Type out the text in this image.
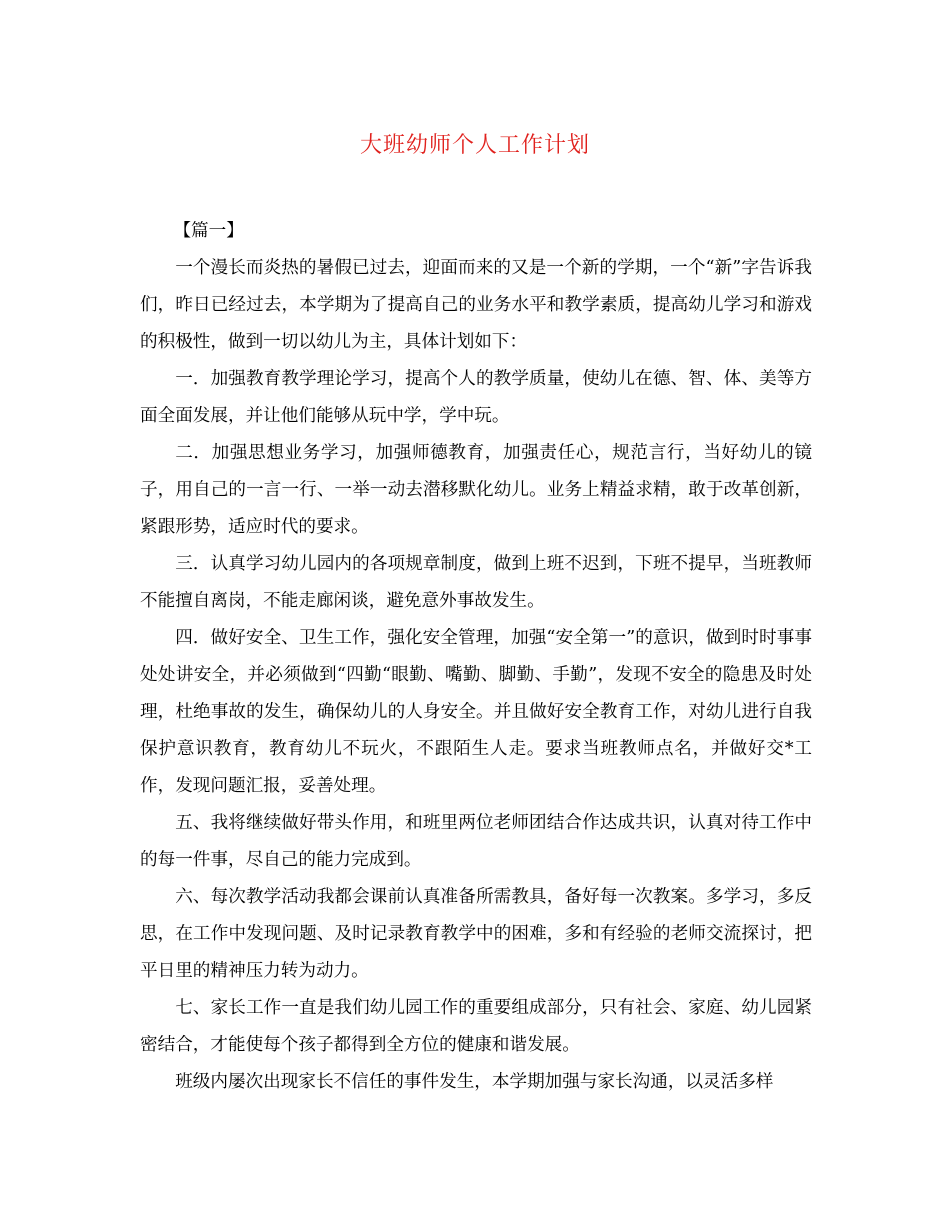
大班幼师个人工作计划

【篇一】

一个漫长而炎热的暑假已过去，迎面而来的又是一个新的学期，一个“新”字告诉我们，昨日已经过去，本学期为了提高自己的业务水平和教学素质，提高幼儿学习和游戏的积极性，做到一切以幼儿为主，具体计划如下：

一．加强教育教学理论学习，提高个人的教学质量，使幼儿在德、智、体、美等方面全面发展，并让他们能够从玩中学，学中玩。

二．加强思想业务学习，加强师德教育，加强责任心，规范言行，当好幼儿的镜子，用自己的一言一行、一举一动去潜移默化幼儿。业务上精益求精，敢于改革创新，紧跟形势，适应时代的要求。

三．认真学习幼儿园内的各项规章制度，做到上班不迟到，下班不提早，当班教师不能擅自离岗，不能走廊闲谈，避免意外事故发生。

四．做好安全、卫生工作，强化安全管理，加强“安全第一”的意识，做到时时事事处处讲安全，并必须做到“四勤“眼勤、嘴勤、脚勤、手勤”，发现不安全的隐患及时处理，杜绝事故的发生，确保幼儿的人身安全。并且做好安全教育工作，对幼儿进行自我保护意识教育，教育幼儿不玩火，不跟陌生人走。要求当班教师点名，并做好交*工作，发现问题汇报，妥善处理。

五、我将继续做好带头作用，和班里两位老师团结合作达成共识，认真对待工作中的每一件事，尽自己的能力完成到。

六、每次教学活动我都会课前认真准备所需教具，备好每一次教案。多学习，多反思，在工作中发现问题、及时记录教育教学中的困难，多和有经验的老师交流探讨，把平日里的精神压力转为动力。

七、家长工作一直是我们幼儿园工作的重要组成部分，只有社会、家庭、幼儿园紧密结合，才能使每个孩子都得到全方位的健康和谐发展。

班级内屡次出现家长不信任的事件发生，本学期加强与家长沟通，以灵活多样
